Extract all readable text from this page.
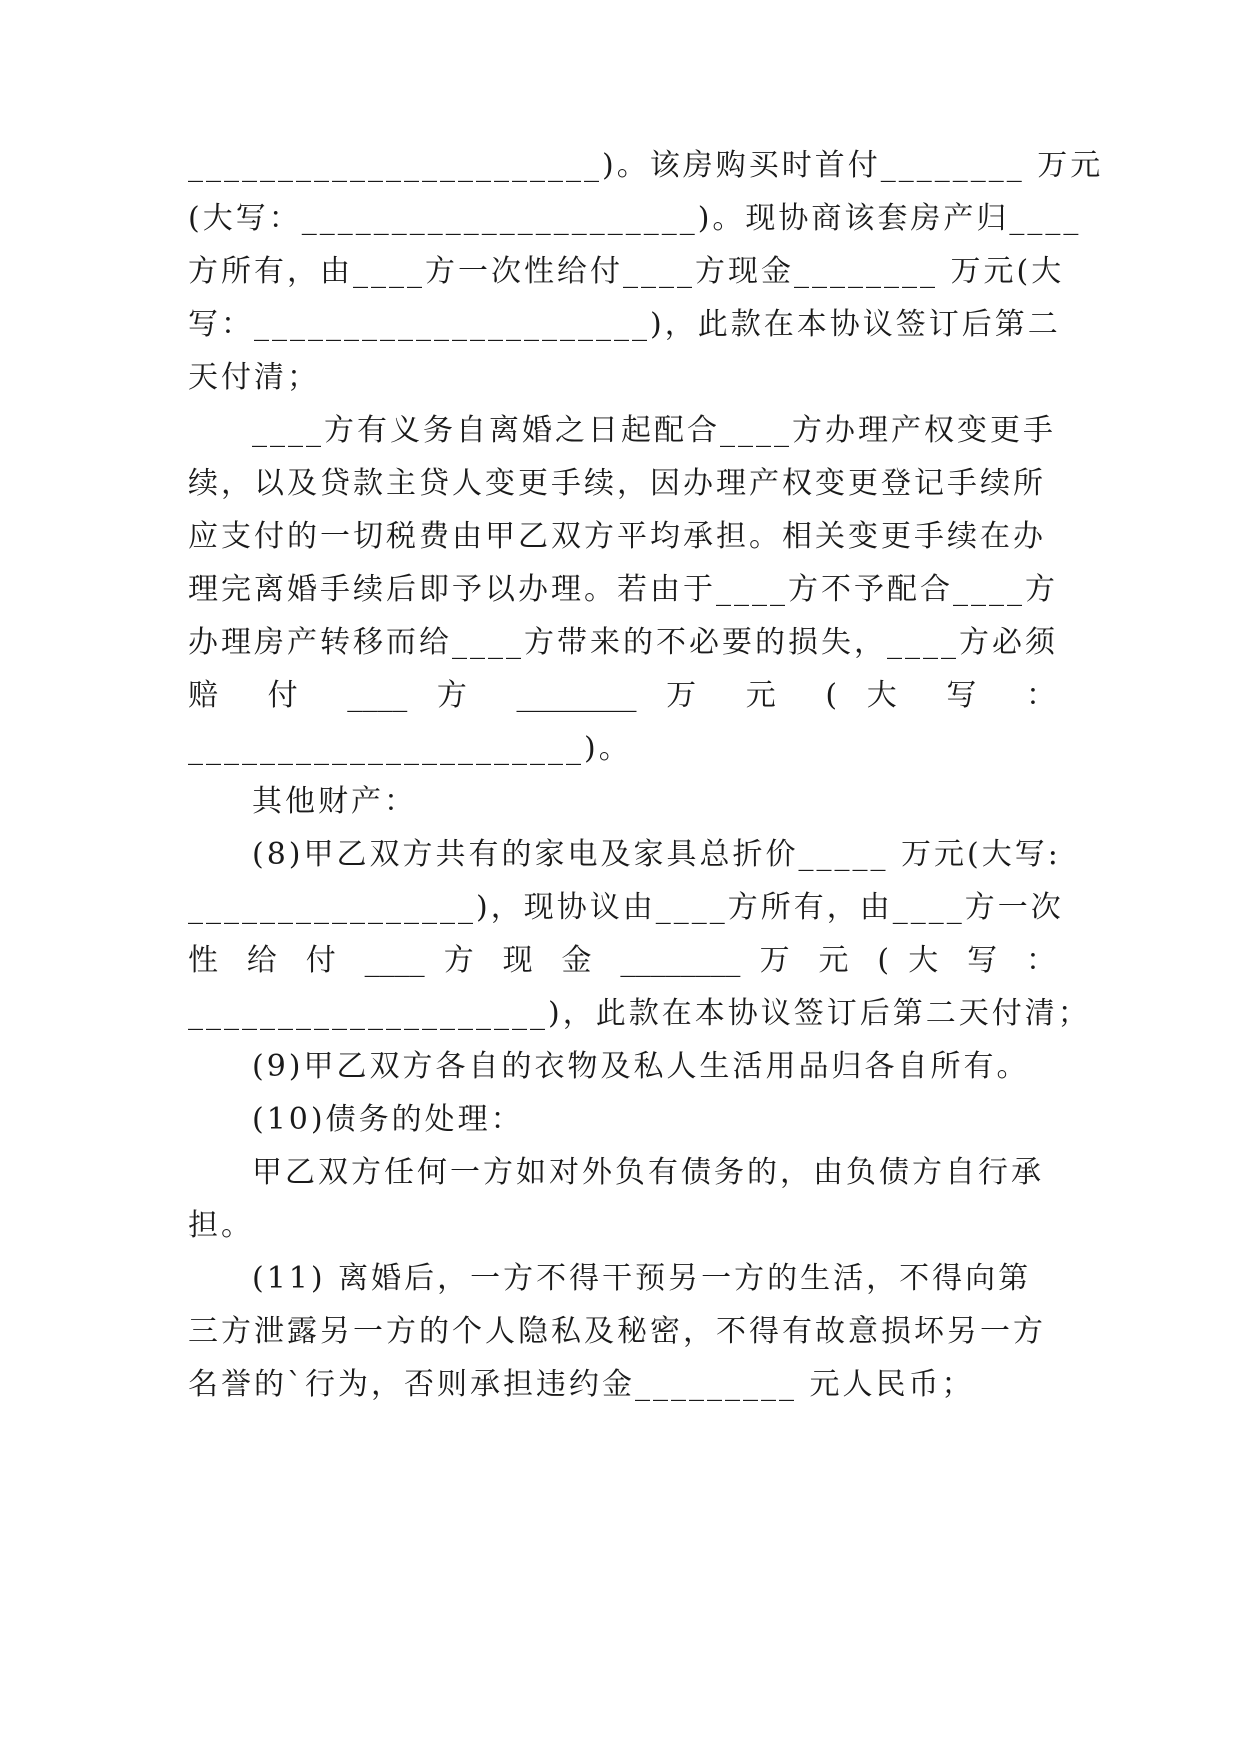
_______________________)。该房购买时首付________ 万元
(大写：______________________)。现协商该套房产归____
方所有，由____方一次性给付____方现金________ 万元(大
写：______________________)，此款在本协议签订后第二
天付清；
____方有义务自离婚之日起配合____方办理产权变更手
续，以及贷款主贷人变更手续，因办理产权变更登记手续所
应支付的一切税费由甲乙双方平均承担。相关变更手续在办
理完离婚手续后即予以办理。若由于____方不予配合____方
办理房产转移而给____方带来的不必要的损失，____方必须
赔 付 ____ 方 ________ 万 元 ( 大 写 ：
______________________)。
其他财产：
(8)甲乙双方共有的家电及家具总折价_____ 万元(大写:
________________)，现协议由____方所有，由____方一次
性 给 付 ____ 方 现 金 ________ 万 元 ( 大 写 ：
____________________)，此款在本协议签订后第二天付清；
(9)甲乙双方各自的衣物及私人生活用品归各自所有。
(10)债务的处理：
甲乙双方任何一方如对外负有债务的，由负债方自行承
担。
(11) 离婚后，一方不得干预另一方的生活，不得向第
三方泄露另一方的个人隐私及秘密，不得有故意损坏另一方
名誉的`行为，否则承担违约金_________ 元人民币；
